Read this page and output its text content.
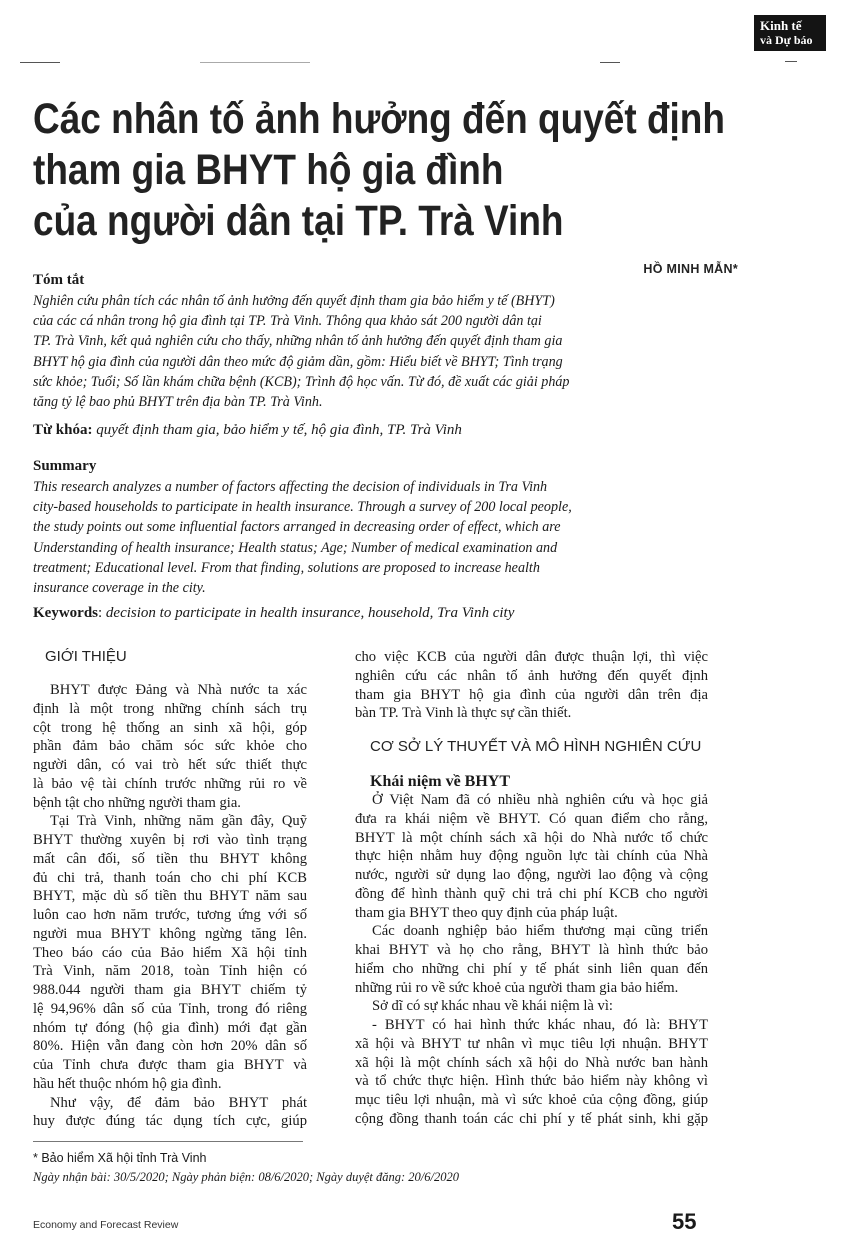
Kinh tế
và Dự báo
Các nhân tố ảnh hưởng đến quyết định
tham gia BHYT hộ gia đình
của người dân tại TP. Trà Vinh
HỒ MINH MẪN*
Tóm tắt
Nghiên cứu phân tích các nhân tố ảnh hưởng đến quyết định tham gia bảo hiểm y tế (BHYT)
của các cá nhân trong hộ gia đình tại TP. Trà Vinh. Thông qua khảo sát 200 người dân tại
TP. Trà Vinh, kết quả nghiên cứu cho thấy, những nhân tố ảnh hưởng đến quyết định tham gia
BHYT hộ gia đình của người dân theo mức độ giảm dần, gồm: Hiểu biết về BHYT; Tình trạng
sức khỏe; Tuổi; Số lần khám chữa bệnh (KCB); Trình độ học vấn. Từ đó, đề xuất các giải pháp
tăng tỷ lệ bao phủ BHYT trên địa bàn TP. Trà Vinh.
Từ khóa: quyết định tham gia, bảo hiểm y tế, hộ gia đình, TP. Trà Vinh
Summary
This research analyzes a number of factors affecting the decision of individuals in Tra Vinh
city-based households to participate in health insurance. Through a survey of 200 local people,
the study points out some influential factors arranged in decreasing order of effect, which are
Understanding of health insurance; Health status; Age; Number of medical examination and
treatment; Educational level. From that finding, solutions are proposed to increase health
insurance coverage in the city.
Keywords: decision to participate in health insurance, household, Tra Vinh city
GIỚI THIỆU
BHYT được Đảng và Nhà nước ta xác
định là một trong những chính sách trụ
cột trong hệ thống an sinh xã hội, góp
phần đảm bảo chăm sóc sức khỏe cho
người dân, có vai trò hết sức thiết thực
là bảo vệ tài chính trước những rủi ro về
bệnh tật cho những người tham gia.
Tại Trà Vinh, những năm gần đây, Quỹ
BHYT thường xuyên bị rơi vào tình trạng
mất cân đối, số tiền thu BHYT không
đủ chi trả, thanh toán cho chi phí KCB
BHYT, mặc dù số tiền thu BHYT năm sau
luôn cao hơn năm trước, tương ứng với số
người mua BHYT không ngừng tăng lên.
Theo báo cáo của Bảo hiểm Xã hội tỉnh
Trà Vinh, năm 2018, toàn Tỉnh hiện có
988.044 người tham gia BHYT chiếm tỷ
lệ 94,96% dân số của Tỉnh, trong đó riêng
nhóm tự đóng (hộ gia đình) mới đạt gần
80%. Hiện vẫn đang còn hơn 20% dân số
của Tỉnh chưa được tham gia BHYT và
hầu hết thuộc nhóm hộ gia đình.
Như vậy, để đảm bảo BHYT phát
huy được đúng tác dụng tích cực, giúp
cho việc KCB của người dân được thuận lợi, thì việc
nghiên cứu các nhân tố ảnh hưởng đến quyết định
tham gia BHYT hộ gia đình của người dân trên địa
bàn TP. Trà Vinh là thực sự cần thiết.
CƠ SỞ LÝ THUYẾT VÀ MÔ HÌNH NGHIÊN CỨU
Khái niệm về BHYT
Ở Việt Nam đã có nhiều nhà nghiên cứu và học giả
đưa ra khái niệm về BHYT. Có quan điểm cho rằng,
BHYT là một chính sách xã hội do Nhà nước tổ chức
thực hiện nhằm huy động nguồn lực tài chính của Nhà
nước, người sử dụng lao động, người lao động và cộng
đồng để hình thành quỹ chi trả chi phí KCB cho người
tham gia BHYT theo quy định của pháp luật.
Các doanh nghiệp bảo hiểm thương mại cũng triển
khai BHYT và họ cho rằng, BHYT là hình thức bảo
hiểm cho những chi phí y tế phát sinh liên quan đến
những rủi ro về sức khoẻ của người tham gia bảo hiểm.
Sở dĩ có sự khác nhau về khái niệm là vì:
- BHYT có hai hình thức khác nhau, đó là: BHYT
xã hội và BHYT tư nhân vì mục tiêu lợi nhuận. BHYT
xã hội là một chính sách xã hội do Nhà nước ban hành
và tổ chức thực hiện. Hình thức bảo hiểm này không vì
mục tiêu lợi nhuận, mà vì sức khoẻ của cộng đồng, giúp
cộng đồng thanh toán các chi phí y tế phát sinh, khi gặp
* Bảo hiểm Xã hội tỉnh Trà Vinh
Ngày nhận bài: 30/5/2020; Ngày phản biện: 08/6/2020; Ngày duyệt đăng: 20/6/2020
Economy and Forecast Review	55
